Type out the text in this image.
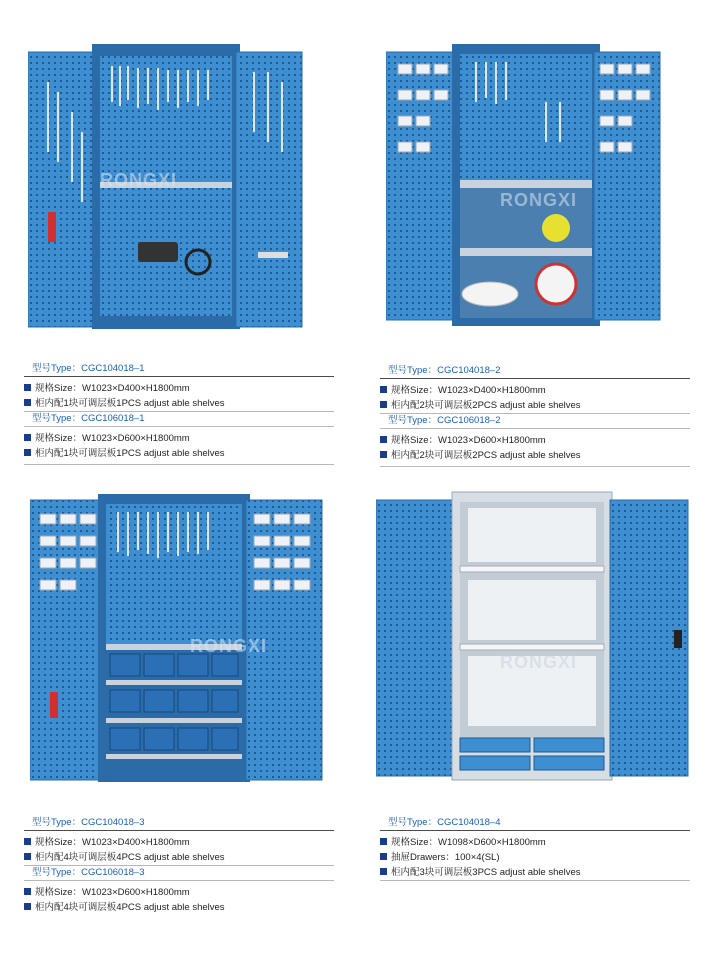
型号Type：CGC104018–1
规格Size：W1023×D400×H1800mm
柜内配1块可调层板1PCS adjust able shelves
型号Type：CGC106018–1
规格Size：W1023×D600×H1800mm
柜内配1块可调层板1PCS adjust able shelves
型号Type：CGC104018–2
规格Size：W1023×D400×H1800mm
柜内配2块可调层板2PCS adjust able shelves
型号Type：CGC106018–2
规格Size：W1023×D600×H1800mm
柜内配2块可调层板2PCS adjust able shelves
型号Type：CGC104018–3
规格Size：W1023×D400×H1800mm
柜内配4块可调层板4PCS adjust able shelves
型号Type：CGC106018–3
规格Size：W1023×D600×H1800mm
柜内配4块可调层板4PCS adjust able shelves
型号Type：CGC104018–4
规格Size：W1098×D600×H1800mm
抽屉Drawers：100×4(SL)
柜内配3块可调层板3PCS adjust able shelves
RONGXI
RONGXI
RONGXI
RONGXI
